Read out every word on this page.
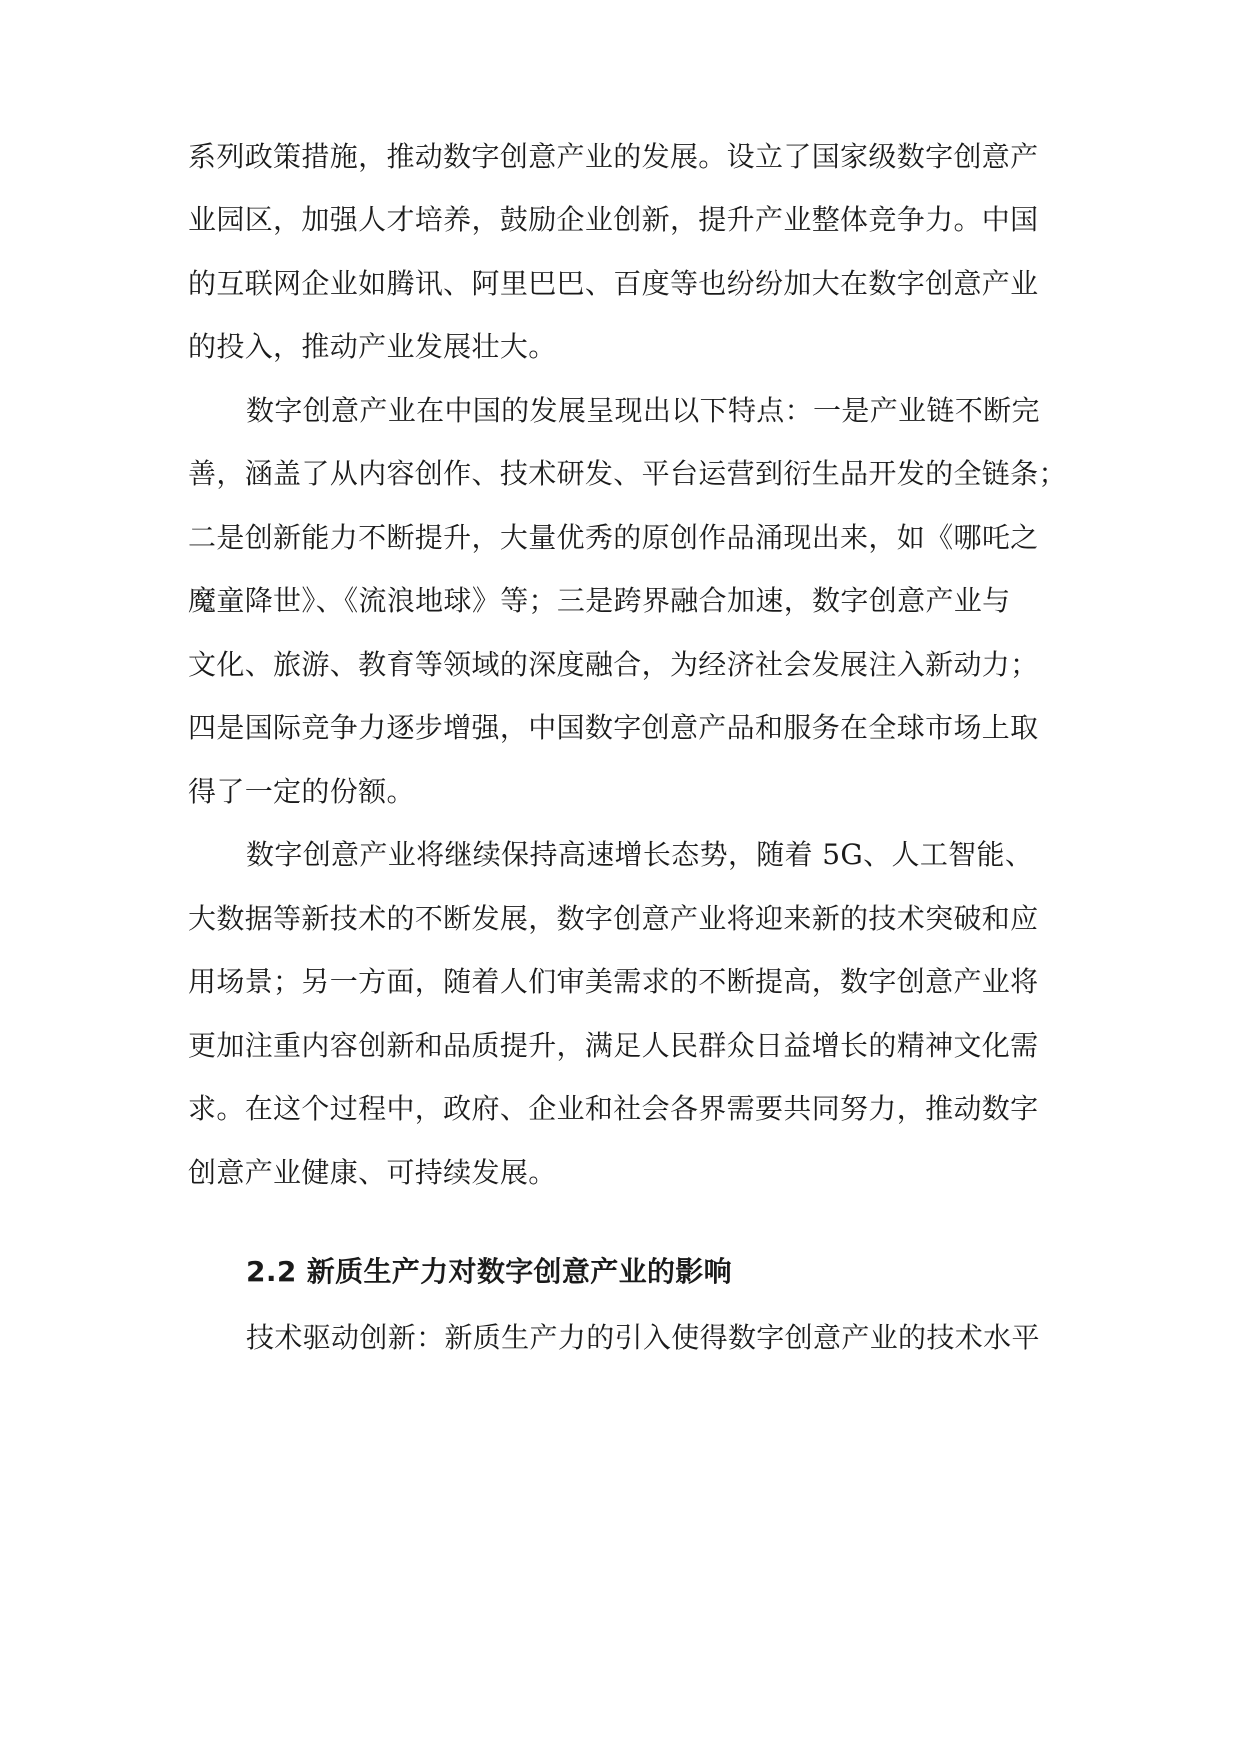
系列政策措施，推动数字创意产业的发展。设立了国家级数字创意产
业园区，加强人才培养，鼓励企业创新，提升产业整体竞争力。中国
的互联网企业如腾讯、阿里巴巴、百度等也纷纷加大在数字创意产业
的投入，推动产业发展壮大。
数字创意产业在中国的发展呈现出以下特点：一是产业链不断完
善，涵盖了从内容创作、技术研发、平台运营到衍生品开发的全链条；
二是创新能力不断提升，大量优秀的原创作品涌现出来，如《哪吒之
魔童降世》、《流浪地球》等；三是跨界融合加速，数字创意产业与
文化、旅游、教育等领域的深度融合，为经济社会发展注入新动力；
四是国际竞争力逐步增强，中国数字创意产品和服务在全球市场上取
得了一定的份额。
数字创意产业将继续保持高速增长态势，随着 5G、人工智能、
大数据等新技术的不断发展，数字创意产业将迎来新的技术突破和应
用场景；另一方面，随着人们审美需求的不断提高，数字创意产业将
更加注重内容创新和品质提升，满足人民群众日益增长的精神文化需
求。在这个过程中，政府、企业和社会各界需要共同努力，推动数字
创意产业健康、可持续发展。
2.2 新质生产力对数字创意产业的影响
技术驱动创新：新质生产力的引入使得数字创意产业的技术水平
